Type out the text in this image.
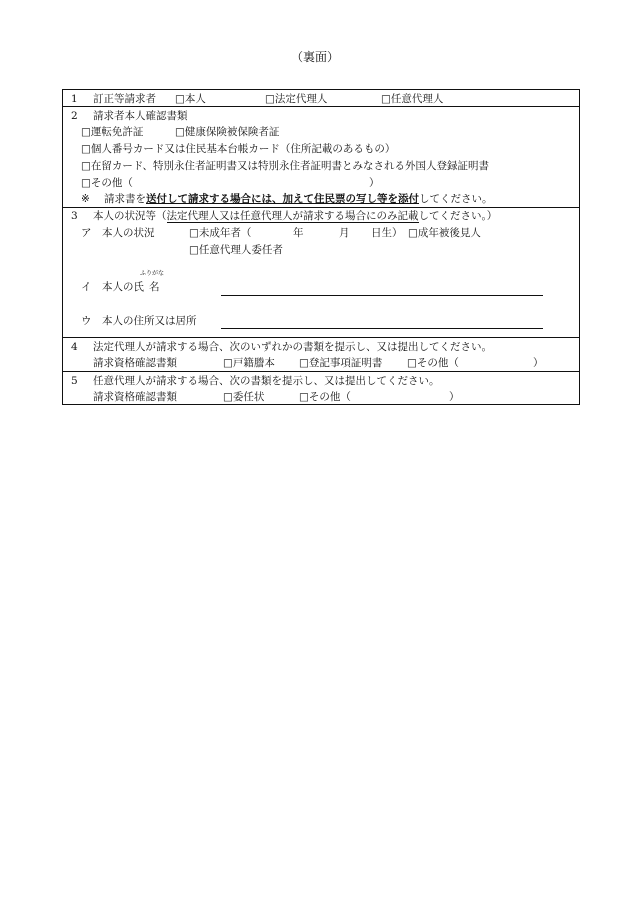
（裏面）
1 訂正等請求者 □本人	□法定代理人	□任意代理人
2 請求者本人確認書類
□運転免許証	□健康保険被保険者証
□個人番号カード又は住民基本台帳カード（住所記載のあるもの）
□在留カード、特別永住者証明書又は特別永住者証明書とみなされる外国人登録証明書
□その他（	）
※ 請求書を送付して請求する場合には、加えて住民票の写し等を添付してください。
3 本人の状況等（法定代理人又は任意代理人が請求する場合にのみ記載してください。）
ア　本人の状況	□未成年者（	年	月 日生） □成年被後見人
□任意代理人委任者
ふりがな
イ　本人の氏 名
ウ　本人の住所又は居所
4 法定代理人が請求する場合、次のいずれかの書類を提示し、又は提出してください。
請求資格確認書類	□戸籍謄本 □登記事項証明書 □その他（	）
5 任意代理人が請求する場合、次の書類を提示し、又は提出してください。
請求資格確認書類	□委任状	□その他（	）
